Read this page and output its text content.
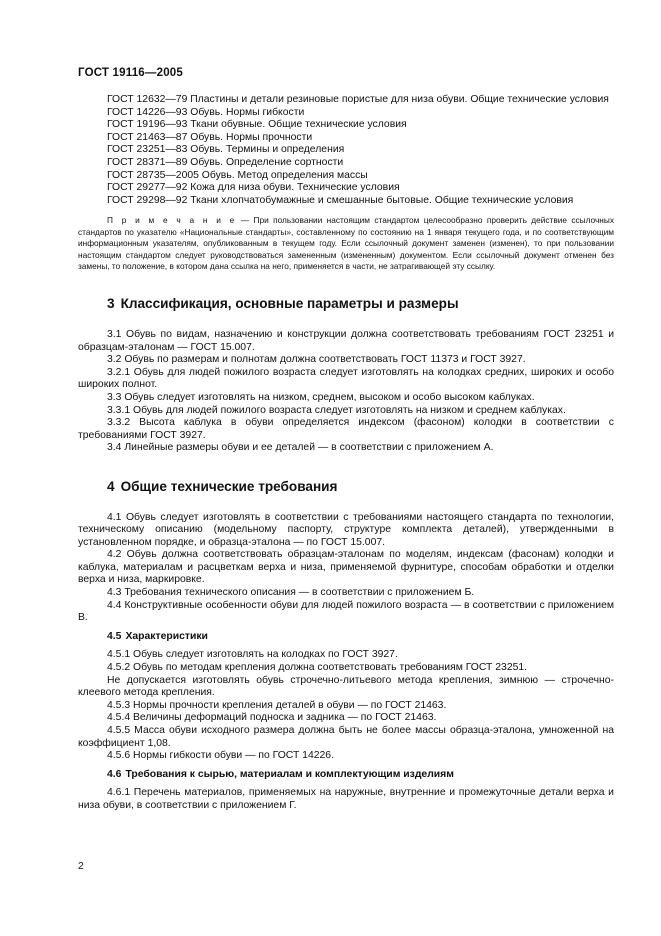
ГОСТ 19116—2005

ГОСТ 12632—79 Пластины и детали резиновые пористые для низа обуви. Общие технические условия

ГОСТ 14226—93 Обувь. Нормы гибкости

ГОСТ 19196—93 Ткани обувные. Общие технические условия

ГОСТ 21463—87 Обувь. Нормы прочности

ГОСТ 23251—83 Обувь. Термины и определения

ГОСТ 28371—89 Обувь. Определение сортности

ГОСТ 28735—2005 Обувь. Метод определения массы

ГОСТ 29277—92 Кожа для низа обуви. Технические условия

ГОСТ 29298—92 Ткани хлопчатобумажные и смешанные бытовые. Общие технические условия

П р и м е ч а н и е — При пользовании настоящим стандартом целесообразно проверить действие ссылочных стандартов по указателю «Национальные стандарты», составленному по состоянию на 1 января текущего года, и по соответствующим информационным указателям, опубликованным в текущем году. Если ссылочный документ заменен (изменен), то при пользовании настоящим стандартом следует руководствоваться замененным (измененным) документом. Если ссылочный документ отменен без замены, то положение, в котором дана ссылка на него, применяется в части, не затрагивающей эту ссылку.

3 Классификация, основные параметры и размеры

3.1 Обувь по видам, назначению и конструкции должна соответствовать требованиям ГОСТ 23251 и образцам-эталонам — ГОСТ 15.007.

3.2 Обувь по размерам и полнотам должна соответствовать ГОСТ 11373 и ГОСТ 3927.

3.2.1 Обувь для людей пожилого возраста следует изготовлять на колодках средних, широких и особо широких полнот.

3.3 Обувь следует изготовлять на низком, среднем, высоком и особо высоком каблуках.

3.3.1 Обувь для людей пожилого возраста следует изготовлять на низком и среднем каблуках.

3.3.2 Высота каблука в обуви определяется индексом (фасоном) колодки в соответствии с требованиями ГОСТ 3927.

3.4 Линейные размеры обуви и ее деталей — в соответствии с приложением А.

4 Общие технические требования

4.1 Обувь следует изготовлять в соответствии с требованиями настоящего стандарта по технологии, техническому описанию (модельному паспорту, структуре комплекта деталей), утвержденными в установленном порядке, и образца-эталона — по ГОСТ 15.007.

4.2 Обувь должна соответствовать образцам-эталонам по моделям, индексам (фасонам) колодки и каблука, материалам и расцветкам верха и низа, применяемой фурнитуре, способам обработки и отделки верха и низа, маркировке.

4.3 Требования технического описания — в соответствии с приложением Б.

4.4 Конструктивные особенности обуви для людей пожилого возраста — в соответствии с приложением В.

4.5 Характеристики

4.5.1 Обувь следует изготовлять на колодках по ГОСТ 3927.

4.5.2 Обувь по методам крепления должна соответствовать требованиям ГОСТ 23251.

Не допускается изготовлять обувь строчечно-литьевого метода крепления, зимнюю — строчечно-клеевого метода крепления.

4.5.3 Нормы прочности крепления деталей в обуви — по ГОСТ 21463.

4.5.4 Величины деформаций подноска и задника — по ГОСТ 21463.

4.5.5 Масса обуви исходного размера должна быть не более массы образца-эталона, умноженной на коэффициент 1,08.

4.5.6 Нормы гибкости обуви — по ГОСТ 14226.

4.6 Требования к сырью, материалам и комплектующим изделиям

4.6.1 Перечень материалов, применяемых на наружные, внутренние и промежуточные детали верха и низа обуви, в соответствии с приложением Г.

2
